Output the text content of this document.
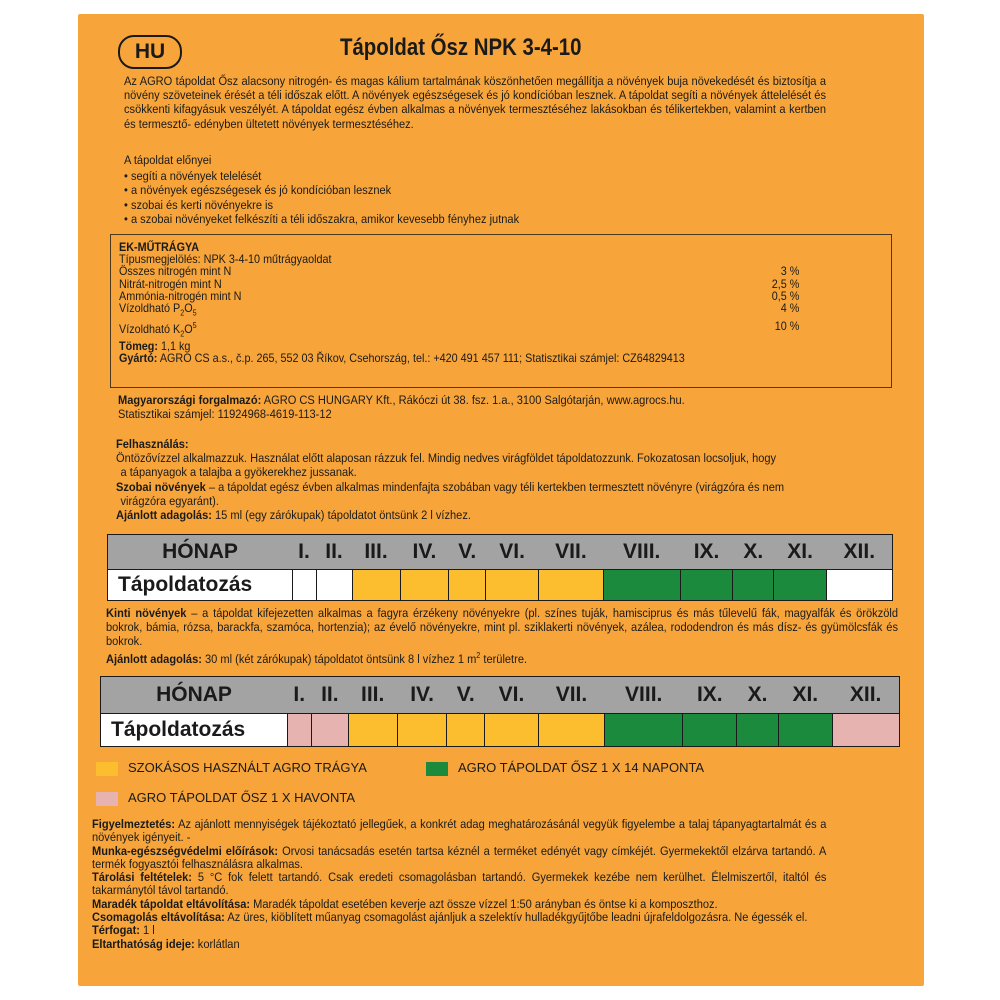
HU	Tápoldat Ősz NPK 3-4-10
Az AGRO tápoldat Ősz alacsony nitrogén- és magas kálium tartalmának köszönhetően megállítja a növények buja növekedését és biztosítja a növény szöveteinek érését a téli időszak előtt. A növények egészségesek és jó kondícióban lesznek. A tápoldat segíti a növények áttelelését és csökkenti kifagyásuk veszélyét. A tápoldat egész évben alkalmas a növények termesztéséhez lakásokban és télikertekben, valamint a kertben és termesztő- edényben ültetett növények termesztéséhez.
A tápoldat előnyei
• segíti a növények telelését
• a növények egészségesek és jó kondícióban lesznek
• szobai és kerti növényekre is
• a szobai növényeket felkészíti a téli időszakra, amikor kevesebb fényhez jutnak
EK-MŰTRÁGYA
Típusmegjelölés: NPK 3-4-10 műtrágyaoldat
Összes nitrogén mint N	3 %
Nitrát-nitrogén mint N	2,5 %
Ammónia-nitrogén mint N	0,5 %
Vízoldható $P_2O_5$	4 %
Vízoldható $K_2O^5$	10 %
Tömeg: 1,1 kg
Gyártó: AGRO CS a.s., č.p. 265, 552 03 Říkov, Csehország, tel.: +420 491 457 111; Statisztikai számjel: CZ64829413
Magyarországi forgalmazó: AGRO CS HUNGARY Kft., Rákóczi út 38. fsz. 1.a., 3100 Salgótarján, www.agrocs.hu.
Statisztikai számjel: 11924968-4619-113-12

Felhasználás:

Öntözővízzel alkalmazzuk. Használat előtt alaposan rázzuk fel. Mindig nedves virágföldet tápoldatozzunk. Fokozatosan locsoljuk, hogy

a tápanyagok a talajba a gyökerekhez jussanak.

Szobai növények – a tápoldat egész évben alkalmas mindenfajta szobában vagy téli kertekben termesztett növényre (virágzóra és nem

virágzóra egyaránt).

Ajánlott adagolás: 15 ml (egy zárókupak) tápoldatot öntsünk 2 l vízhez.

HÓNAP	I.	II.	III.	IV.	V.	VI.	VII.	VIII.	IX.	X.	XI.	XII.
Tápoldatozás												
Kinti növények – a tápoldat kifejezetten alkalmas a fagyra érzékeny növényekre (pl. színes tuják, hamisciprus és más tűlevelű fák, magyalfák és örökzöld bokrok, bámia, rózsa, barackfa, szamóca, hortenzia); az évelő növényekre, mint pl. sziklakerti növények, azálea, rododendron és más dísz- és gyümölcsfák és bokrok.
Ajánlott adagolás: 30 ml (két zárókupak) tápoldatot öntsünk 8 l vízhez 1 $m^2$ területre.
HÓNAP	I.	II.	III.	IV.	V.	VI.	VII.	VIII.	IX.	X.	XI.	XII.
Tápoldatozás												
SZOKÁSOS HASZNÁLT AGRO TRÁGYA	AGRO TÁPOLDAT ŐSZ 1 X 14 NAPONTA
AGRO TÁPOLDAT ŐSZ 1 X HAVONTA

Figyelmeztetés: Az ajánlott mennyiségek tájékoztató jellegűek, a konkrét adag meghatározásánál vegyük figyelembe a talaj tápanyagtartalmát és a növények igényeit. -

Munka-egészségvédelmi előírások: Orvosi tanácsadás esetén tartsa kéznél a terméket edényét vagy címkéjét. Gyermekektől elzárva tartandó. A termék fogyasztói felhasználásra alkalmas.

Tárolási feltételek: 5 °C fok felett tartandó. Csak eredeti csomagolásban tartandó. Gyermekek kezébe nem kerülhet. Élelmiszertől, italtól és takarmánytól távol tartandó.

Maradék tápoldat eltávolítása: Maradék tápoldat esetében keverje azt össze vízzel 1:50 arányban és öntse ki a komposzthoz.

Csomagolás eltávolítása: Az üres, kiöblített műanyag csomagolást ajánljuk a szelektív hulladékgyűjtőbe leadni újrafeldolgozásra. Ne égessék el.

Térfogat: 1 l

Eltarthatóság ideje: korlátlan
